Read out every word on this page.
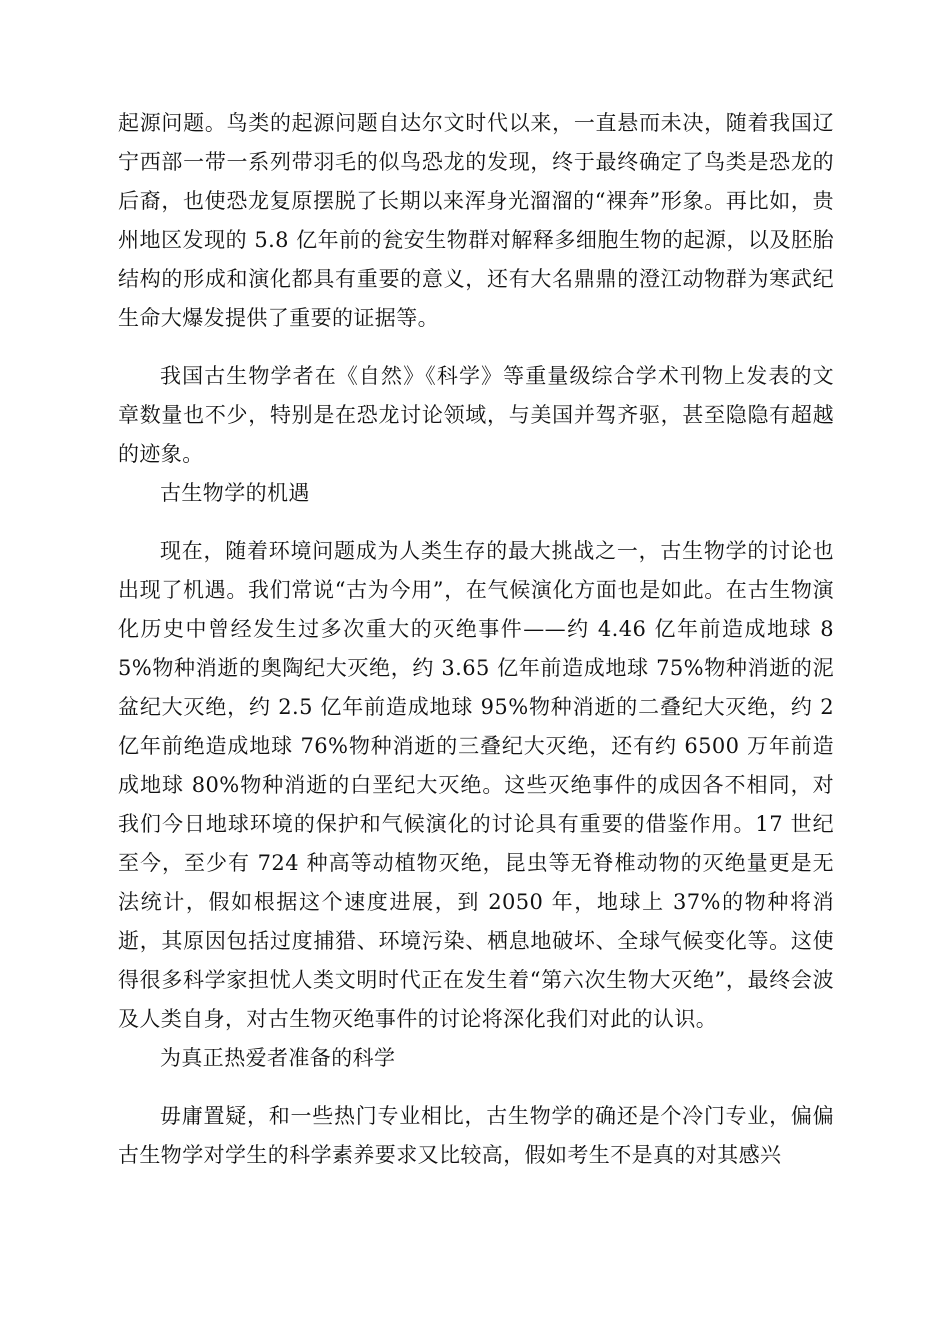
起源问题。鸟类的起源问题自达尔文时代以来，一直悬而未决，随着我国辽宁西部一带一系列带羽毛的似鸟恐龙的发现，终于最终确定了鸟类是恐龙的后裔，也使恐龙复原摆脱了长期以来浑身光溜溜的“裸奔”形象。再比如，贵州地区发现的 5.8 亿年前的瓮安生物群对解释多细胞生物的起源，以及胚胎结构的形成和演化都具有重要的意义，还有大名鼎鼎的澄江动物群为寒武纪生命大爆发提供了重要的证据等。

我国古生物学者在《自然》《科学》等重量级综合学术刊物上发表的文章数量也不少，特别是在恐龙讨论领域，与美国并驾齐驱，甚至隐隐有超越的迹象。

古生物学的机遇

现在，随着环境问题成为人类生存的最大挑战之一，古生物学的讨论也出现了机遇。我们常说“古为今用”，在气候演化方面也是如此。在古生物演化历史中曾经发生过多次重大的灭绝事件——约 4.46 亿年前造成地球 85%物种消逝的奥陶纪大灭绝，约 3.65 亿年前造成地球 75%物种消逝的泥盆纪大灭绝，约 2.5 亿年前造成地球 95%物种消逝的二叠纪大灭绝，约 2 亿年前绝造成地球 76%物种消逝的三叠纪大灭绝，还有约 6500 万年前造成地球 80%物种消逝的白垩纪大灭绝。这些灭绝事件的成因各不相同，对我们今日地球环境的保护和气候演化的讨论具有重要的借鉴作用。17 世纪至今，至少有 724 种高等动植物灭绝，昆虫等无脊椎动物的灭绝量更是无法统计，假如根据这个速度进展，到 2050 年，地球上 37%的物种将消逝，其原因包括过度捕猎、环境污染、栖息地破坏、全球气候变化等。这使得很多科学家担忧人类文明时代正在发生着“第六次生物大灭绝”，最终会波及人类自身，对古生物灭绝事件的讨论将深化我们对此的认识。

为真正热爱者准备的科学

毋庸置疑，和一些热门专业相比，古生物学的确还是个冷门专业，偏偏古生物学对学生的科学素养要求又比较高，假如考生不是真的对其感兴
